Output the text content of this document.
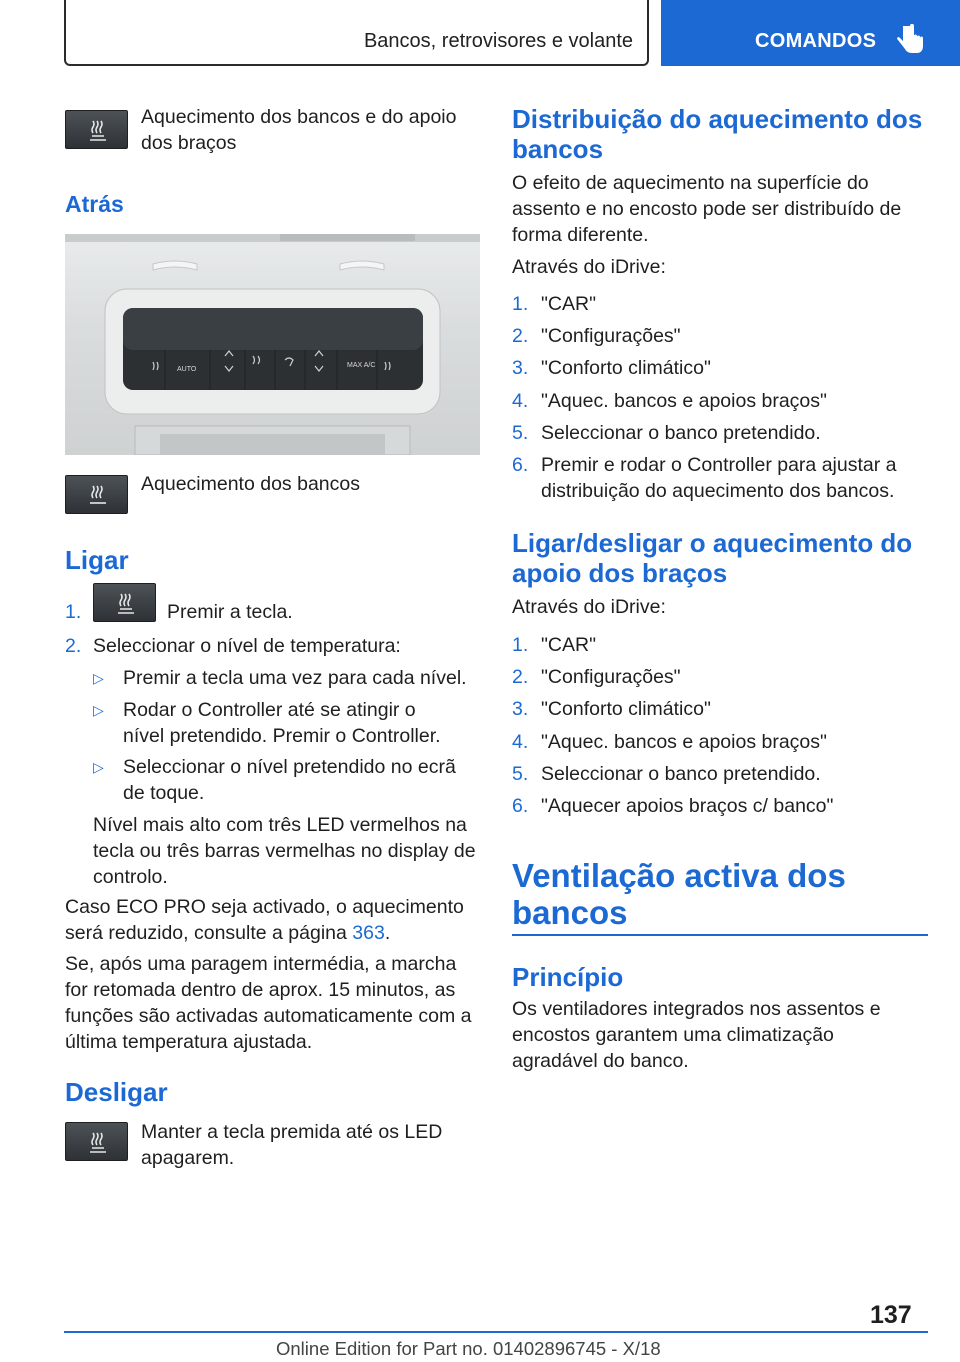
Bancos, retrovisores e volante	COMANDOS
Aquecimento dos bancos e do apoio dos braços
Atrás
AUTO
MAX A/C
Aquecimento dos bancos
Ligar
1.	Premir a tecla.
2. Seleccionar o nível de temperatura:
▷ Premir a tecla uma vez para cada nível.
▷ Rodar o Controller até se atingir o nível pretendido. Premir o Controller.
▷ Seleccionar o nível pretendido no ecrã de toque.
Nível mais alto com três LED vermelhos na tecla ou três barras vermelhas no display de controlo.
Caso ECO PRO seja activado, o aquecimento será reduzido, consulte a página 363.
Se, após uma paragem intermédia, a marcha for retomada dentro de aprox. 15 minutos, as funções são activadas automaticamente com a última temperatura ajustada.
Desligar
Manter a tecla premida até os LED apagarem.
Distribuição do aquecimento dos bancos
O efeito de aquecimento na superfície do assento e no encosto pode ser distribuído de forma diferente.
Através do iDrive:
1. "CAR"
2. "Configurações"
3. "Conforto climático"
4. "Aquec. bancos e apoios braços"
5. Seleccionar o banco pretendido.
6. Premir e rodar o Controller para ajustar a distribuição do aquecimento dos bancos.
Ligar/desligar o aquecimento do apoio dos braços
Através do iDrive:
1. "CAR"
2. "Configurações"
3. "Conforto climático"
4. "Aquec. bancos e apoios braços"
5. Seleccionar o banco pretendido.
6. "Aquecer apoios braços c/ banco"
Ventilação activa dos bancos
Princípio
Os ventiladores integrados nos assentos e encostos garantem uma climatização agradável do banco.
137
Online Edition for Part no. 01402896745 - X/18
